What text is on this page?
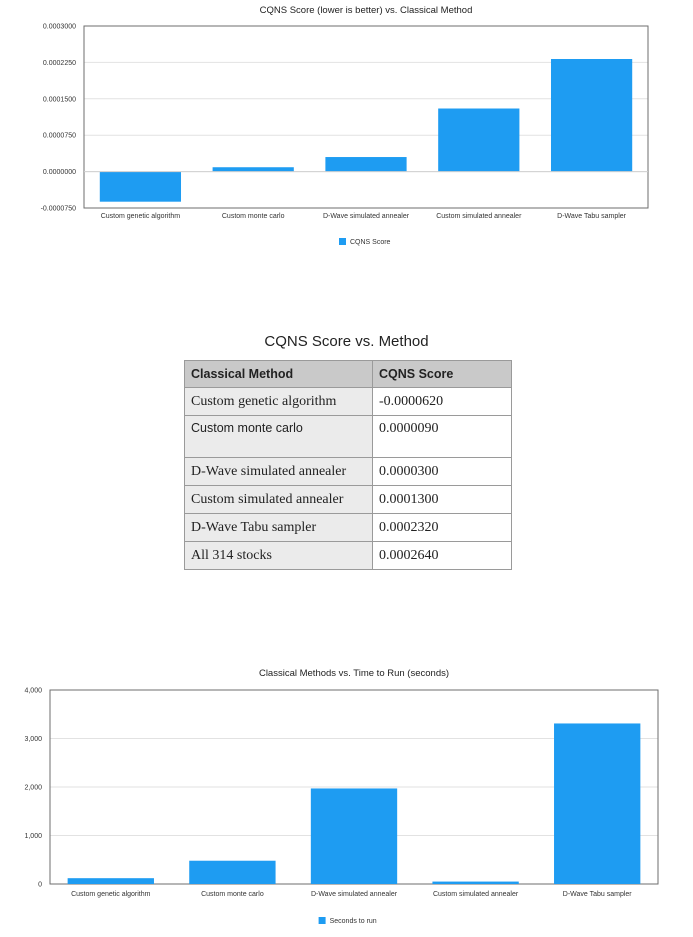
CQNS Score (lower is better) vs. Classical Method
0.0003000
0.0002250
0.0001500
0.0000750
0.0000000
-0.0000750
Custom genetic algorithm	Custom monte carlo	D-Wave simulated annealer	Custom simulated annealer	D-Wave Tabu sampler
CQNS Score
CQNS Score vs. Method
Classical Method	CQNS Score
Custom genetic algorithm	-0.0000620
Custom monte carlo	0.0000090
D-Wave simulated annealer	0.0000300
Custom simulated annealer	0.0001300
D-Wave Tabu sampler	0.0002320
All 314 stocks	0.0002640
Classical Methods vs. Time to Run (seconds)
4,000
3,000
2,000
1,000
0
Custom genetic algorithm	Custom monte carlo	D-Wave simulated annealer	Custom simulated annealer	D-Wave Tabu sampler
Seconds to run
